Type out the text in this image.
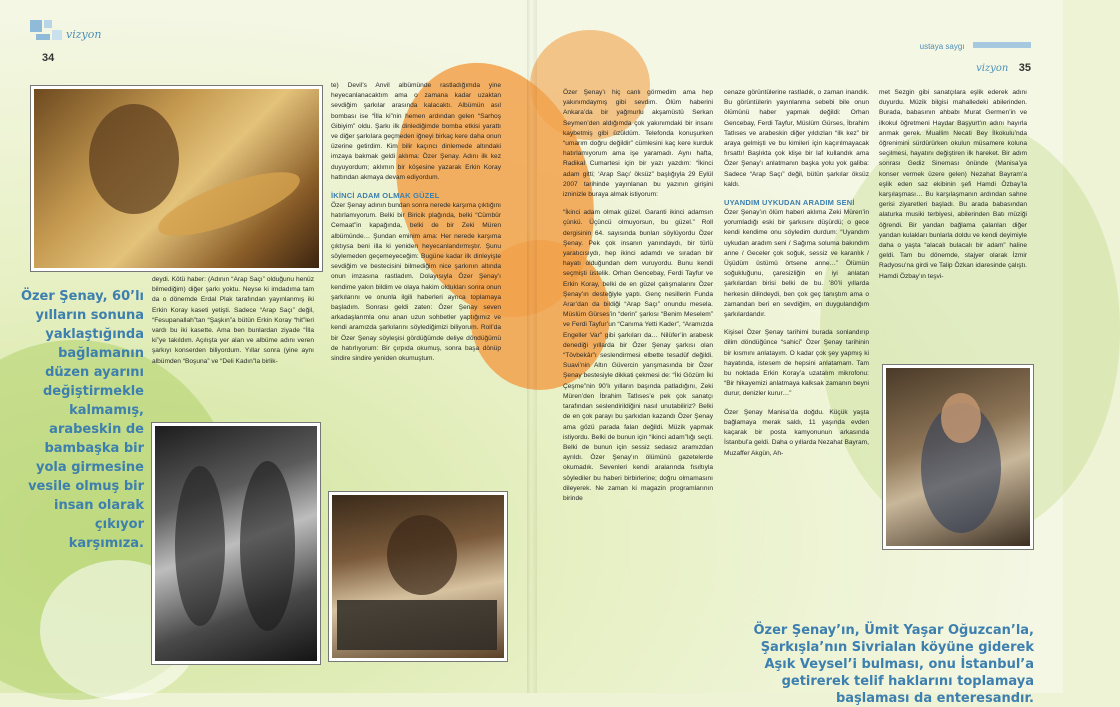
vizyon
34
ustaya saygı
vizyon 35
Özer Şenay, 60’lı yılların sonuna yaklaştığında bağlamanın düzen ayarını değiştirmekle kalmamış, arabeskin de bambaşka bir yola girmesine vesile olmuş bir insan olarak çıkıyor karşımıza.
Özer Şenay’ın, Ümit Yaşar Oğuzcan’la, Şarkışla’nın Sivrialan köyüne giderek Aşık Veysel’i bulması, onu İstanbul’a getirerek telif haklarını toplamaya başlaması da enteresandır.

deydi. Kötü haber: (Adının “Arap Saçı” olduğunu henüz bilmediğim) diğer şarkı yoktu. Neyse ki imdadıma tam da o dönemde Erdal Plak tarafından yayınlanmış iki Erkin Koray kaseti yetişti. Sadece “Arap Saçı” değil, “Fesupanallah”tan “Şaşkın”a bütün Erkin Koray “hit”leri vardı bu iki kasette. Ama ben bunlardan ziyade “İlla ki”ye takıldım. Açılışta yer alan ve albüme adını veren şarkıyı konserden biliyordum. Yıllar sonra (yine aynı albümden “Boşuna” ve “Deli Kadın”la birlik-

te) Devil’s Anvil albümünde rastladığımda yine heyecanlanacaktım ama o zamana kadar uzaktan sevdiğim şarkılar arasında kalacaktı. Albümün asıl bombası ise “İlla ki”nin hemen ardından gelen “Sarhoş Gibiyim” oldu. Şarkı ilk dinlediğimde bomba etkisi yarattı ve diğer şarkılara geçmeden iğneyi birkaç kere daha onun üzerine getirdim. Kim bilir kaçıncı dinlemede altındaki imzaya bakmak geldi aklıma: Özer Şenay. Adını ilk kez duyuyordum; aklımın bir köşesine yazarak Erkin Koray hattından akmaya devam ediyordum.

İKİNCİ ADAM OLMAK GÜZEL

Özer Şenay adının bundan sonra nerede karşıma çıktığını hatırlamıyorum. Belki bir Biricik plağında, belki “Cümbür Cemaat”in kapağında, belki de bir Zeki Müren albümünde… Şundan eminim ama: Her nerede karşıma çıktıysa beni illa ki yeniden heyecanlandırmıştır. Şunu söylemeden geçemeyeceğim: Bugüne kadar ilk dinleyişte sevdiğim ve bestecisini bilmediğim nice şarkının altında onun imzasına rastladım. Dolayısıyla Özer Şenay’ı kendime yakın bildim ve olaya hakim oldukları sonra onun şarkılarını ve onunla ilgili haberleri ayrıca toplamaya başladım. Sonrası geldi zaten: Özer Şenay seven arkadaşlarımla onu anan uzun sohbetler yaptığımız ve kendi aramızda şarkılarını söylediğimizi biliyorum. Roll’da bir Özer Şenay söyleşisi gördüğümde deliye döndüğümü de hatırlıyorum: Bir çırpıda okumuş, sonra başa dönüp sindire sindire yeniden okumuştum.

Özer Şenay’ı hiç canlı görmedim ama hep yakınımdaymış gibi sevdim. Ölüm haberini Ankara’da bir yağmurlu akşamüstü Serkan Seymen’den aldığımda çok yakınımdaki bir insanı kaybetmiş gibi üzüldüm. Telefonda konuşurken “umarım doğru değildir” cümlesini kaç kere kurduk hatırlamıyorum ama işe yaramadı. Aynı hafta, Radikal Cumartesi için bir yazı yazdım: “İkinci adam gitti; ‘Arap Saçı’ öksüz” başlığıyla 29 Eylül 2007 tarihinde yayınlanan bu yazının girişini izninizle buraya almak istiyorum:

“İkinci adam olmak güzel. Garanti ikinci adamsın çünkü. Üçüncü olmuyorsun, bu güzel.” Roll dergisinin 64. sayısında bunları söylüyordu Özer Şenay. Pek çok insanın yanındaydı, bir türlü yaratıcısıydı, hep ikinci adamdı ve sıradan bir hayatı olduğundan dem vuruyordu. Bunu kendi seçmişti üstelik. Orhan Gencebay, Ferdi Tayfur ve Erkin Koray, belki de en güzel çalışmalarını Özer Şenay’ın desteğiyle yaptı. Genç nesillerin Funda Arar’dan da bildiği “Arap Saçı” onundu mesela. Müslüm Gürses’in “derin” şarkısı “Benim Meselem” ve Ferdi Tayfur’un “Canıma Yetti Kader”, “Aramızda Engeller Var” gibi şarkıları da… Nilüfer’in arabesk denediği yıllarda bir Özer Şenay şarkısı olan “Tövbekâr”ı seslendirmesi elbette tesadüf değildi. Suavi’nin Altın Güvercin yarışmasında bir Özer Şenay bestesiyle dikkati çekmesi de: “İki Gözüm İki Çeşme”nin 90’lı yılların başında patladığını, Zeki Müren’den İbrahim Tatlıses’e pek çok sanatçı tarafından seslendirildiğini nasıl unutabiliriz? Belki de en çok parayı bu şarkıdan kazandı Özer Şenay ama gözü parada falan değildi. Müzik yapmak istiyordu. Belki de bunun için “ikinci adam”lığı seçti. Belki de bunun için sessiz sedasız aramızdan ayrıldı. Özer Şenay’ın ölümünü gazetelerde okumadık. Sevenleri kendi aralarında fısıltıyla söylediler bu haberi birbirlerine; doğru olmamasını dileyerek. Ne zaman ki magazin programlarının birinde

cenaze görüntülerine rastladık, o zaman inandık. Bu görüntülerin yayınlanma sebebi bile onun ölümünü haber yapmak değildi: Orhan Gencebay, Ferdi Tayfur, Müslüm Gürses, İbrahim Tatlıses ve arabeskin diğer yıldızları “ilk kez” bir araya gelmişti ve bu kimileri için kaçırılmayacak fırsattı! Başlıkta çok klişe bir laf kullandık ama Özer Şenay’ı anlatmanın başka yolu yok galiba: Sadece “Arap Saçı” değil, bütün şarkılar öksüz kaldı.

UYANDIM UYKUDAN ARADIM SENİ

Özer Şenay’ın ölüm haberi aklıma Zeki Müren’in yorumladığı eski bir şarkısını düşürdü; o gece kendi kendime onu söyledim durdum: “Uyandım uykudan aradım seni / Sağıma soluma bakındım anne / Geceler çok soğuk, sessiz ve karanlık / Üşüdüm üstümü örtsene anne…” Ölümün soğukluğunu, çaresizliğin en iyi anlatan şarkılardan birisi belki de bu. ’80’li yıllarda herkesin dilindeydi, ben çok geç tanıştım ama o zamandan beri en sevdiğim, en duygulandığım şarkılardandır.

Kişisel Özer Şenay tarihimi burada sonlandırıp dilim döndüğünce “sahici” Özer Şenay tarihinin bir kısmını anlatayım. O kadar çok şey yapmış ki hayatında, istesem de hepsini anlatamam. Tam bu noktada Erkin Koray’a uzatalım mikrofonu: “Bir hikayemizi anlatmaya kalksak zamanın beyni durur, denizler kurur…”

Özer Şenay Manisa’da doğdu. Küçük yaşta bağlamaya merak saldı, 11 yaşında evden kaçarak bir posta kamyonunun arkasında İstanbul’a geldi. Daha o yıllarda Nezahat Bayram, Muzaffer Akgün, Ah-

met Sezgin gibi sanatçılara eşlik ederek adını duyurdu. Müzik bilgisi mahalledeki abilerinden. Burada, babasının ahbabı Murat Germen’in ve ilkokul öğretmeni Haydar Başyurt’ın adını hayırla anmak gerek. Muallim Necati Bey İlkokulu’nda öğrenimini sürdürürken okulun müsamere koluna seçilmesi, hayatını değiştiren ilk hareket. Bir adım sonrası Gediz Sineması önünde (Manisa’ya konser vermek üzere gelen) Nezahat Bayram’a eşlik eden saz ekibinin şefi Hamdi Özbay’la karşılaşması… Bu karşılaşmanın ardından sahne gerisi ziyaretleri başladı. Bu arada babasından alaturka musiki terbiyesi, abilerinden Batı müziği öğrendi. Bir yandan bağlama çalanları diğer yandan kulakları bunlarla doldu ve kendi deyimiyle daha o yaşta “alacalı bulacalı bir adam” haline geldi. Tam bu dönemde, stajyer olarak İzmir Radyosu’na girdi ve Talip Özkan idaresinde çalıştı. Hamdi Özbay’ın teşvi-
